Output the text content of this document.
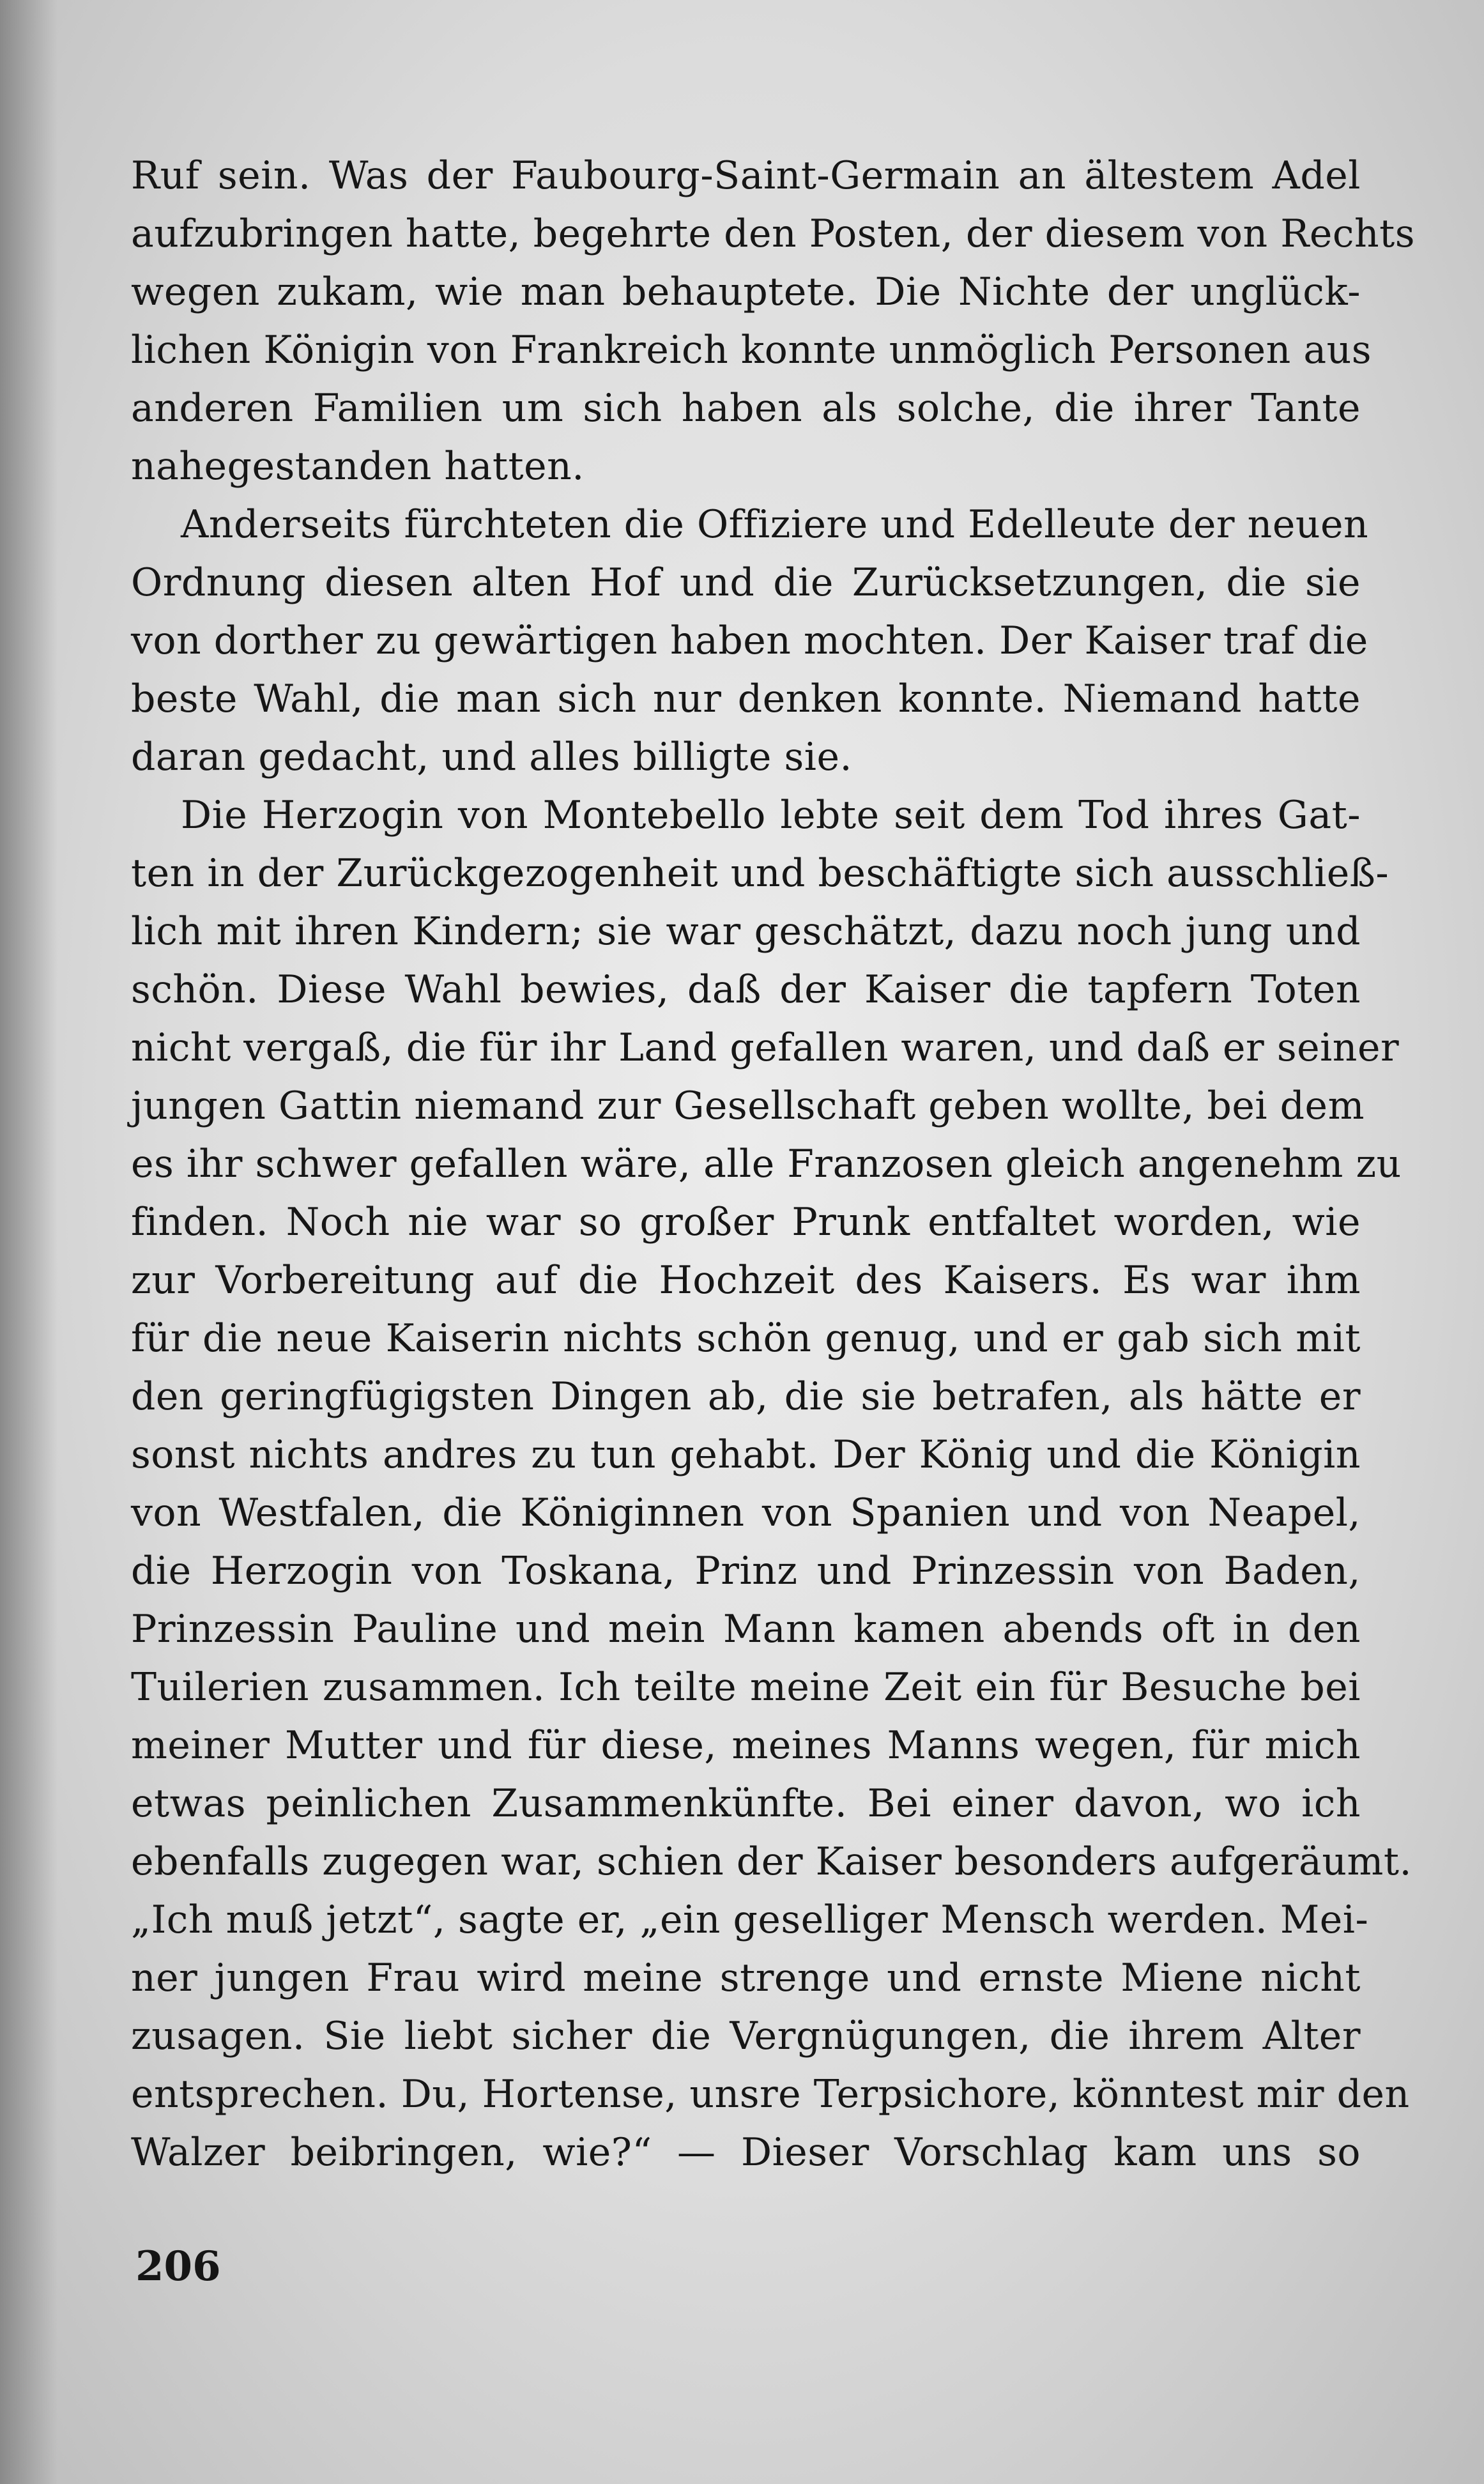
Ruf sein. Was der Faubourg-Saint-Germain an ältestem Adel
aufzubringen hatte, begehrte den Posten, der diesem von Rechts
wegen zukam, wie man behauptete. Die Nichte der unglück-
lichen Königin von Frankreich konnte unmöglich Personen aus
anderen Familien um sich haben als solche, die ihrer Tante
nahegestanden hatten.
Anderseits fürchteten die Offiziere und Edelleute der neuen
Ordnung diesen alten Hof und die Zurücksetzungen, die sie
von dorther zu gewärtigen haben mochten. Der Kaiser traf die
beste Wahl, die man sich nur denken konnte. Niemand hatte
daran gedacht, und alles billigte sie.
Die Herzogin von Montebello lebte seit dem Tod ihres Gat-
ten in der Zurückgezogenheit und beschäftigte sich ausschließ-
lich mit ihren Kindern; sie war geschätzt, dazu noch jung und
schön. Diese Wahl bewies, daß der Kaiser die tapfern Toten
nicht vergaß, die für ihr Land gefallen waren, und daß er seiner
jungen Gattin niemand zur Gesellschaft geben wollte, bei dem
es ihr schwer gefallen wäre, alle Franzosen gleich angenehm zu
finden. Noch nie war so großer Prunk entfaltet worden, wie
zur Vorbereitung auf die Hochzeit des Kaisers. Es war ihm
für die neue Kaiserin nichts schön genug, und er gab sich mit
den geringfügigsten Dingen ab, die sie betrafen, als hätte er
sonst nichts andres zu tun gehabt. Der König und die Königin
von Westfalen, die Königinnen von Spanien und von Neapel,
die Herzogin von Toskana, Prinz und Prinzessin von Baden,
Prinzessin Pauline und mein Mann kamen abends oft in den
Tuilerien zusammen. Ich teilte meine Zeit ein für Besuche bei
meiner Mutter und für diese, meines Manns wegen, für mich
etwas peinlichen Zusammenkünfte. Bei einer davon, wo ich
ebenfalls zugegen war, schien der Kaiser besonders aufgeräumt.
„Ich muß jetzt“, sagte er, „ein geselliger Mensch werden. Mei-
ner jungen Frau wird meine strenge und ernste Miene nicht
zusagen. Sie liebt sicher die Vergnügungen, die ihrem Alter
entsprechen. Du, Hortense, unsre Terpsichore, könntest mir den
Walzer beibringen, wie?“ — Dieser Vorschlag kam uns so
206
